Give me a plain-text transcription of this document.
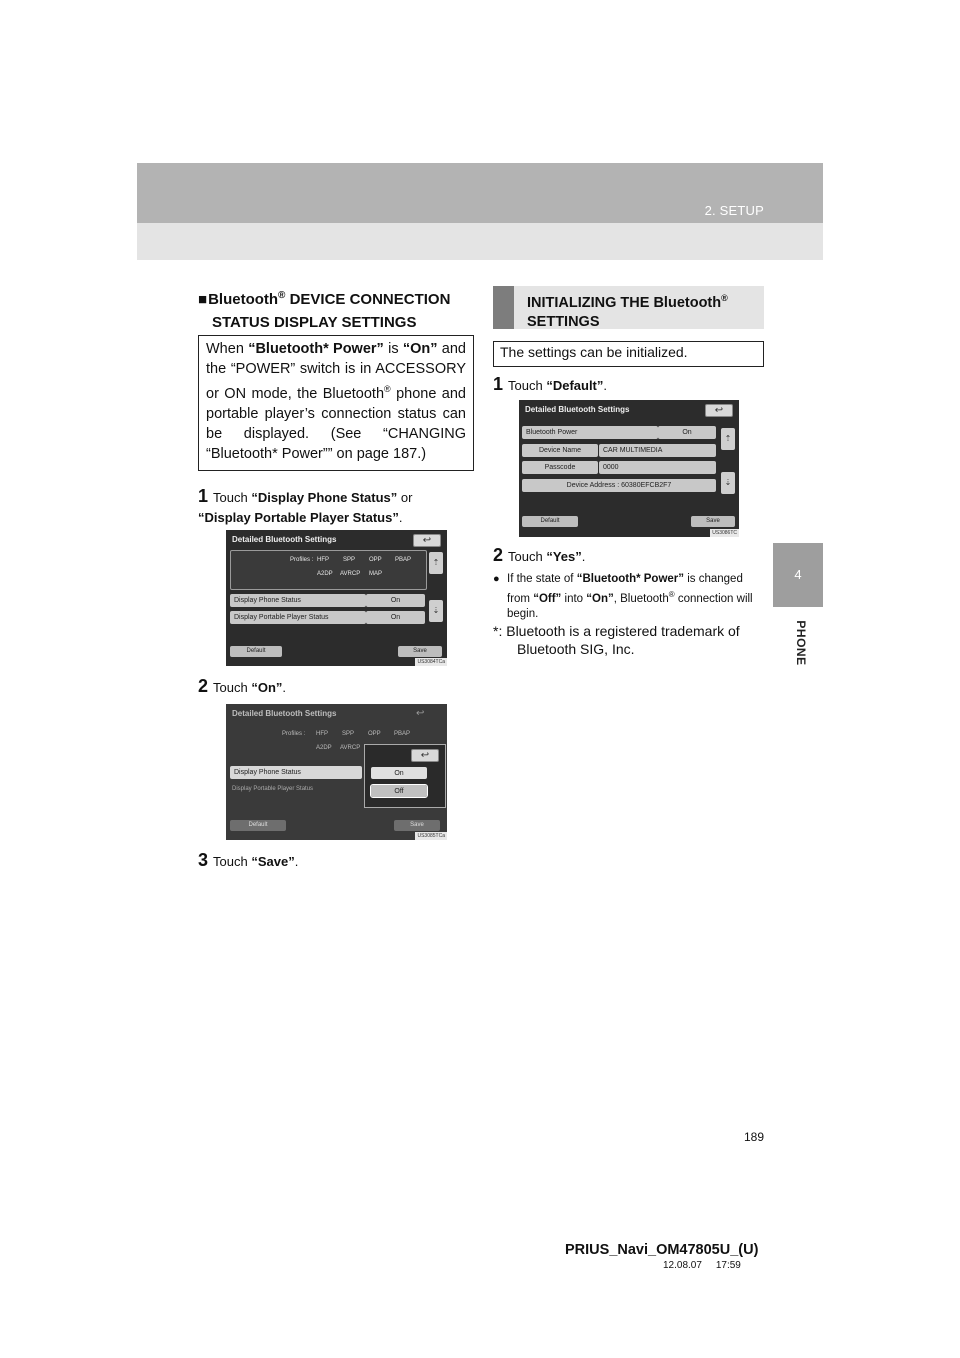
2. SETUP
4
PHONE
■Bluetooth® DEVICE CONNECTION
STATUS DISPLAY SETTINGS
When “Bluetooth* Power” is “On” and the “POWER” switch is in ACCESSORY or ON mode, the Bluetooth® phone and portable player’s connection status can be displayed. (See “CHANGING “Bluetooth* Power”” on page 187.)
1 Touch “Display Phone Status” or
“Display Portable Player Status”.
Detailed Bluetooth Settings	↩
Profiles : HFP SPP OPP PBAP
A2DP AVRCP MAP
⇡
Display Phone Status	On
Display Portable Player Status	On
⇣
Default	Save
US3084TCa
2 Touch “On”.
Detailed Bluetooth Settings	↩
Profiles : HFP SPP OPP PBAP
A2DP AVRCP
Display Phone Status
Display Portable Player Status
Default	Save
↩
On
Off
US3085TCa
3 Touch “Save”.
INITIALIZING THE Bluetooth®
SETTINGS
The settings can be initialized.
1 Touch “Default”.
Detailed Bluetooth Settings	↩
Bluetooth Power	On
Device Name	CAR MULTIMEDIA
Passcode	0000
Device Address : 60380EFCB2F7
⇡
⇣
Default	Save
US3086TC
2 Touch “Yes”.
● If the state of “Bluetooth* Power” is changed from “Off” into “On”, Bluetooth® connection will begin.
*: Bluetooth is a registered trademark of Bluetooth SIG, Inc.
189
PRIUS_Navi_OM47805U_(U)
12.08.07     17:59
